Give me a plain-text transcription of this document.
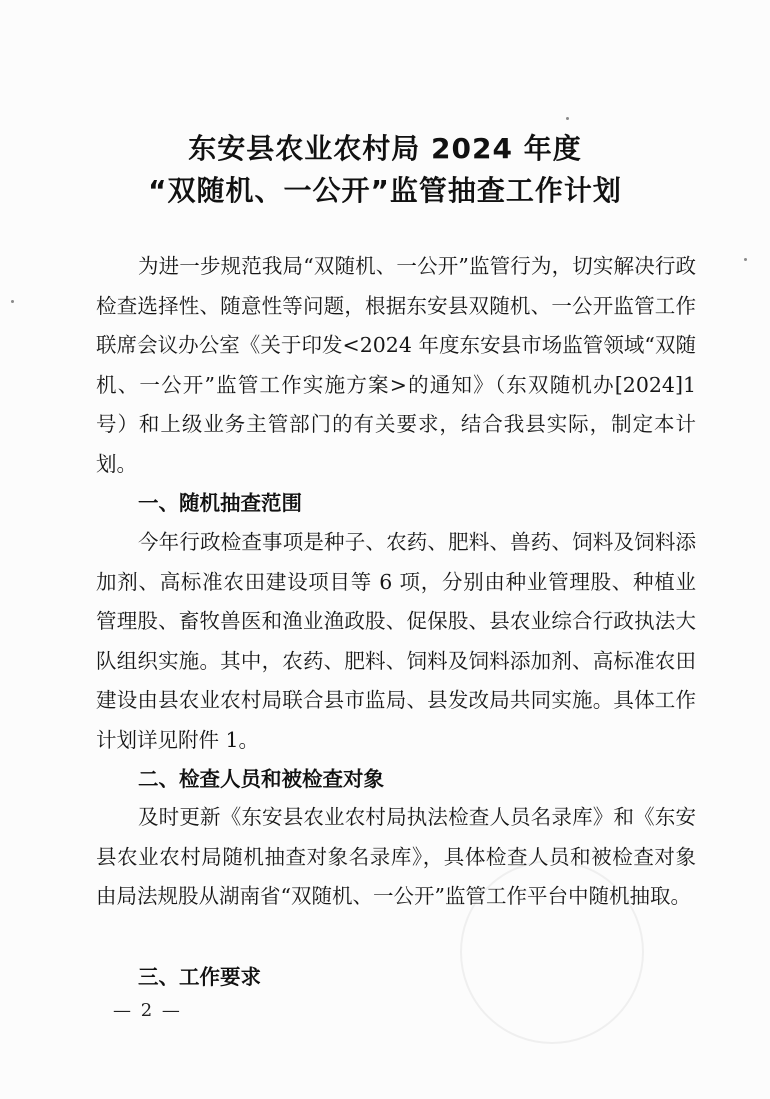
东安县农业农村局 2024 年度
“双随机、一公开”监管抽查工作计划
为进一步规范我局“双随机、一公开”监管行为，切实解决行政检查选择性、随意性等问题，根据东安县双随机、一公开监管工作联席会议办公室《关于印发<2024 年度东安县市场监管领域“双随机、一公开”监管工作实施方案>的通知》（东双随机办[2024]1 号）和上级业务主管部门的有关要求，结合我县实际，制定本计划。
一、随机抽查范围
今年行政检查事项是种子、农药、肥料、兽药、饲料及饲料添加剂、高标准农田建设项目等 6 项，分别由种业管理股、种植业管理股、畜牧兽医和渔业渔政股、促保股、县农业综合行政执法大队组织实施。其中，农药、肥料、饲料及饲料添加剂、高标准农田建设由县农业农村局联合县市监局、县发改局共同实施。具体工作计划详见附件 1。
二、检查人员和被检查对象
及时更新《东安县农业农村局执法检查人员名录库》和《东安县农业农村局随机抽查对象名录库》，具体检查人员和被检查对象由局法规股从湖南省“双随机、一公开”监管工作平台中随机抽取。
三、工作要求
— 2 —
